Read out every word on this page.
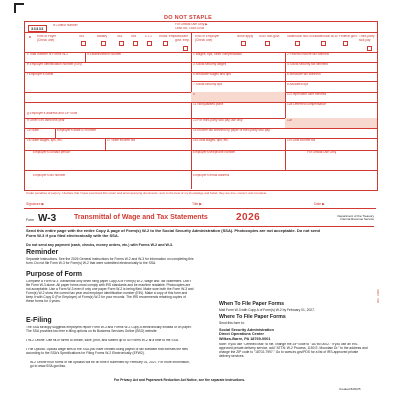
DO NOT STAPLE
33333
a Control number	For Official Use Only ▶
OMB No. 1545-0008
b Kind of Payer
(Check one)
941	Military	943	944	CT-1 Hshld. emp.
Medicare govt. emp.
Kind of Employer
(Check one)
None apply 501c non-govt. State/local non-501c
State/local 501c Federal govt. Third-party sick pay
c Total number of Forms W-2	d Establishment number	1 Wages, tips, other compensation	2 Federal income tax withheld
e Employer identification number (EIN)	3 Social security wages	4 Social security tax withheld
f Employer's name	5 Medicare wages and tips	6 Medicare tax withheld
7 Social security tips	8 Allocated tips
9	10 Dependent care benefits
g Employer's address and ZIP code
11 Nonqualified plans	12a Deferred compensation
h Other EIN used this year	13 For third-party sick pay use only	12b
15 State	Employer's state ID number	14 Income tax withheld by payer of third-party sick pay
16 State wages, tips, etc.	17 State income tax	18 Local wages, tips, etc.	19 Local income tax
Employer's contact person	Employer's telephone number	For Official Use Only
Employer's fax number	Employer's email address
Under penalties of perjury, I declare that I have examined this return and accompanying documents, and, to the best of my knowledge and belief, they are true, correct, and complete.
Signature ▶	Title ▶	Date ▶
Form W-3	Transmittal of Wage and Tax Statements	2026	Department of the Treasury
Internal Revenue Service
Send this entire page with the entire Copy A page of Form(s) W-2 to the Social Security Administration (SSA). Photocopies are not acceptable. Do not send Form W-3 if you filed electronically with the SSA.
Do not send any payment (cash, checks, money orders, etc.) with Forms W-2 and W-3.
Reminder
Separate instructions. See the 2026 General Instructions for Forms W-2 and W-3 for information on completing this form. Do not file Form W-3 for Form(s) W-2 that were submitted electronically to the SSA.
Purpose of Form
Complete a Form W-3 Transmittal only when filing paper Copy A of Form(s) W-2, Wage and Tax Statement. Don't file Form W-3 alone. All paper forms must comply with IRS standards and be machine readable. Photocopies are not acceptable. Use a Form W-3 even if only one paper Form W-2 is being filed. Make sure both the Form W-3 and Form(s) W-2 show the correct tax year and employer identification number (EIN). Make a copy of this form and keep it with Copy D (For Employer) of Form(s) W-2 for your records. The IRS recommends retaining copies of these forms for 4 years.
E-Filing
The SSA strongly suggests employers report Form W-3 and Forms W-2 Copy A electronically instead of on paper. The SSA provides two free e-filing options on its Business Services Online (BSO) website:
• W-2 Online. Use fill-in forms to create, save, print, and submit up to 50 Forms W-2 at a time to the SSA.
• File Upload. Upload wage files to the SSA you have created using payroll or tax software that formats the files according to the SSA's Specifications for Filing Forms W-2 Electronically (EFW2).
W-2 Online fill-in forms or file uploads will be on time if submitted by February 01, 2027. For more information, go to www.SSA.gov/bso.
When To File Paper Forms
Mail Form W-3 with Copy A of Form(s) W-2 by February 01, 2027.
Where To File Paper Forms
Send this form to:
Social Security Administration
Direct Operations Center
Wilkes-Barre, PA 18769-0001
Note: If you use "Certified Mail" to file, change the ZIP code to "18769-0002." If you use an IRS-approved private delivery service, add "ATTN: W-2 Process, 1150 E. Mountain Dr." to the address and change the ZIP code to "18702-7997." Go to www.irs.gov/PDS for a list of IRS-approved private delivery services.
For Privacy Act and Paperwork Reduction Act Notice, see the separate instructions.
Created 8/20/25
W3 · 2026
